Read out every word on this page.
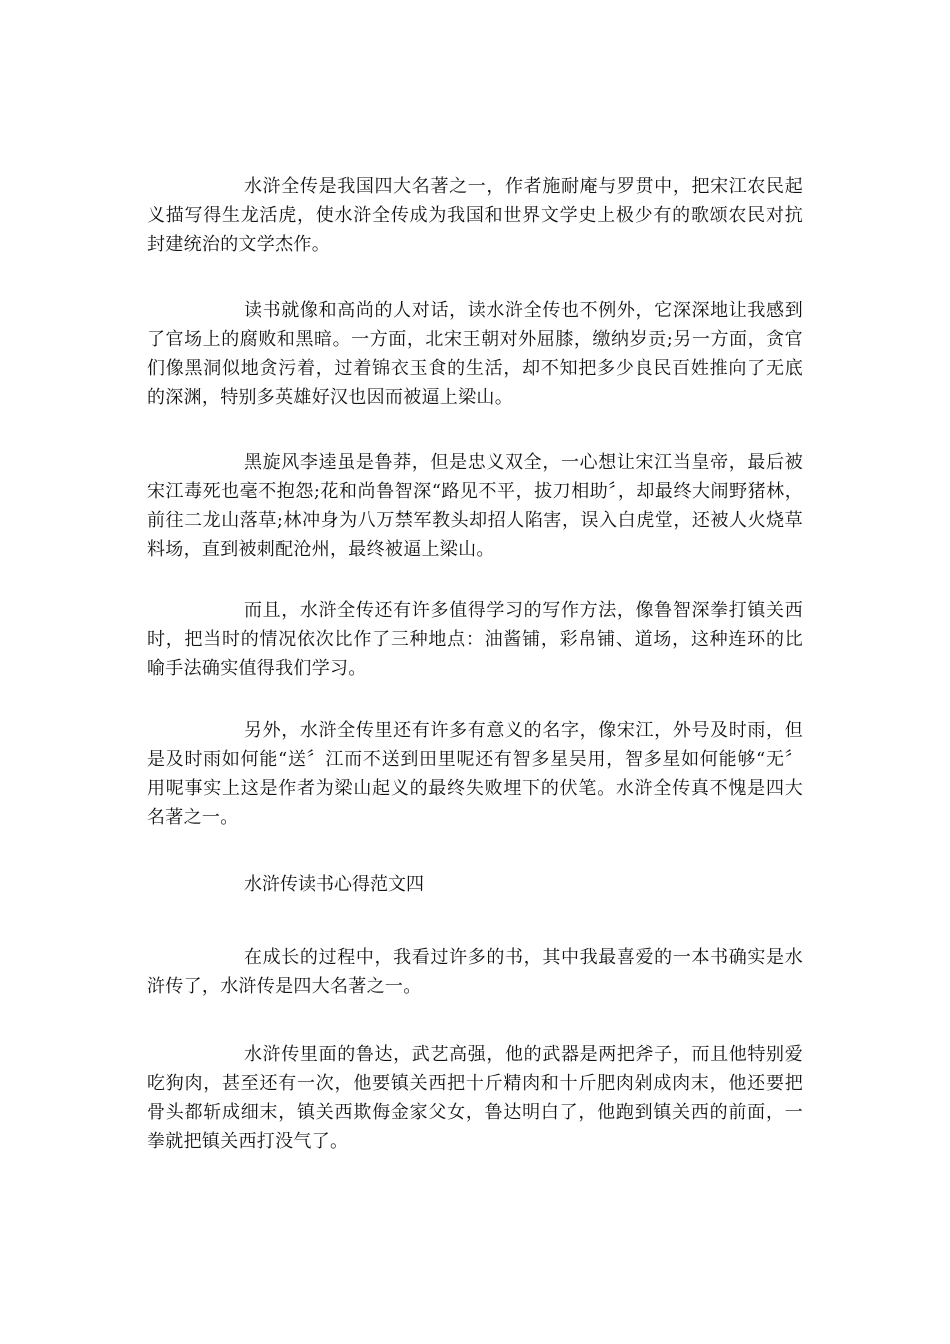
水浒全传是我国四大名著之一，作者施耐庵与罗贯中，把宋江农民起义描写得生龙活虎，使水浒全传成为我国和世界文学史上极少有的歌颂农民对抗封建统治的文学杰作。

读书就像和高尚的人对话，读水浒全传也不例外，它深深地让我感到了官场上的腐败和黑暗。一方面，北宋王朝对外屈膝，缴纳岁贡;另一方面，贪官们像黑洞似地贪污着，过着锦衣玉食的生活，却不知把多少良民百姓推向了无底的深渊，特别多英雄好汉也因而被逼上梁山。

黑旋风李逵虽是鲁莽，但是忠义双全，一心想让宋江当皇帝，最后被宋江毒死也毫不抱怨;花和尚鲁智深“路见不平，拔刀相助〞，却最终大闹野猪林，前往二龙山落草;林冲身为八万禁军教头却招人陷害，误入白虎堂，还被人火烧草料场，直到被刺配沧州，最终被逼上梁山。

而且，水浒全传还有许多值得学习的写作方法，像鲁智深拳打镇关西时，把当时的情况依次比作了三种地点：油酱铺，彩帛铺、道场，这种连环的比喻手法确实值得我们学习。

另外，水浒全传里还有许多有意义的名字，像宋江，外号及时雨，但是及时雨如何能“送〞江而不送到田里呢还有智多星吴用，智多星如何能够“无〞用呢事实上这是作者为梁山起义的最终失败埋下的伏笔。水浒全传真不愧是四大名著之一。

水浒传读书心得范文四

在成长的过程中，我看过许多的书，其中我最喜爱的一本书确实是水浒传了，水浒传是四大名著之一。

水浒传里面的鲁达，武艺高强，他的武器是两把斧子，而且他特别爱吃狗肉，甚至还有一次，他要镇关西把十斤精肉和十斤肥肉剁成肉末，他还要把骨头都斩成细末，镇关西欺侮金家父女，鲁达明白了，他跑到镇关西的前面，一拳就把镇关西打没气了。
